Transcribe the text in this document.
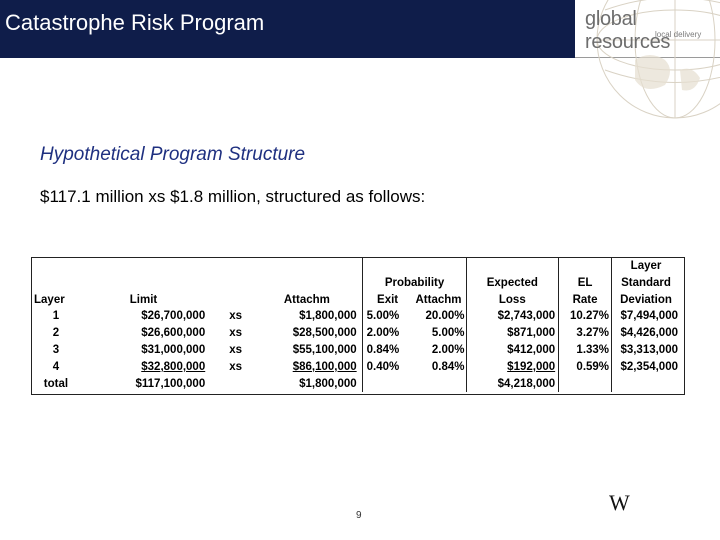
Catastrophe Risk Program	global resources
local delivery
Hypothetical Program Structure
$117.1 million xs $1.8 million, structured as follows:
								Layer
				Probability		Expected	EL	Standard
Layer	Limit		Attachm	Exit	Attachm	Loss	Rate	Deviation
1	$26,700,000	xs	$1,800,000	5.00%	20.00%	$2,743,000	10.27%	$7,494,000
2	$26,600,000	xs	$28,500,000	2.00%	5.00%	$871,000	3.27%	$4,426,000
3	$31,000,000	xs	$55,100,000	0.84%	2.00%	$412,000	1.33%	$3,313,000
4	$32,800,000	xs	$86,100,000	0.40%	0.84%	$192,000	0.59%	$2,354,000
total	$117,100,000		$1,800,000			$4,218,000		
9
W
